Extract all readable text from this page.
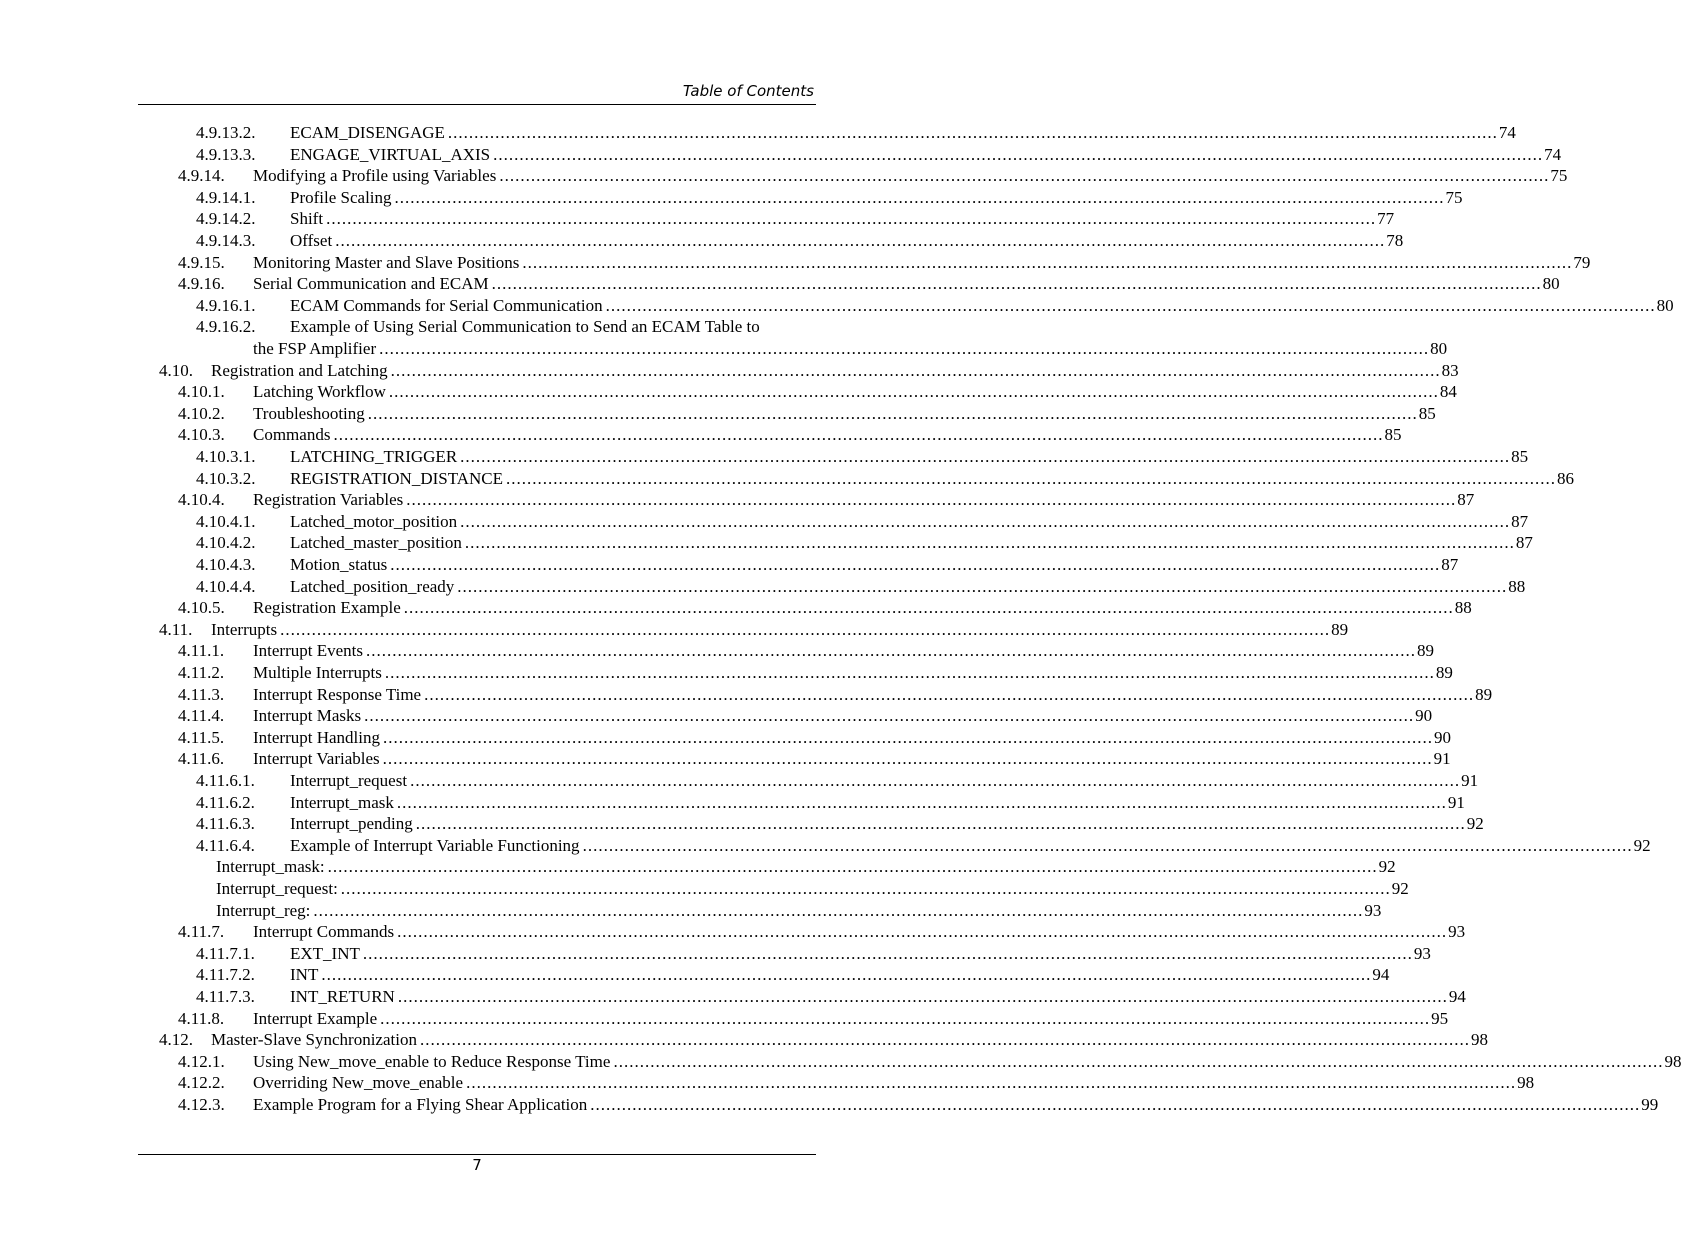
Table of Contents
4.9.13.2.	ECAM_DISENGAGE ........................................................................................................................................................................................................ 74
4.9.13.3.	ENGAGE_VIRTUAL_AXIS ........................................................................................................................................................................................................ 74
4.9.14.	Modifying a Profile using Variables ........................................................................................................................................................................................................ 75
4.9.14.1.	Profile Scaling ........................................................................................................................................................................................................ 75
4.9.14.2.	Shift ........................................................................................................................................................................................................ 77
4.9.14.3.	Offset ........................................................................................................................................................................................................ 78
4.9.15.	Monitoring Master and Slave Positions ........................................................................................................................................................................................................ 79
4.9.16.	Serial Communication and ECAM ........................................................................................................................................................................................................ 80
4.9.16.1.	ECAM Commands for Serial Communication ........................................................................................................................................................................................................ 80
4.9.16.2.	Example of Using Serial Communication to Send an ECAM Table to
the FSP Amplifier ........................................................................................................................................................................................................ 80
4.10.	Registration and Latching ........................................................................................................................................................................................................ 83
4.10.1.	Latching Workflow ........................................................................................................................................................................................................ 84
4.10.2.	Troubleshooting ........................................................................................................................................................................................................ 85
4.10.3.	Commands ........................................................................................................................................................................................................ 85
4.10.3.1.	LATCHING_TRIGGER ........................................................................................................................................................................................................ 85
4.10.3.2.	REGISTRATION_DISTANCE ........................................................................................................................................................................................................ 86
4.10.4.	Registration Variables ........................................................................................................................................................................................................ 87
4.10.4.1.	Latched_motor_position ........................................................................................................................................................................................................ 87
4.10.4.2.	Latched_master_position ........................................................................................................................................................................................................ 87
4.10.4.3.	Motion_status ........................................................................................................................................................................................................ 87
4.10.4.4.	Latched_position_ready ........................................................................................................................................................................................................ 88
4.10.5.	Registration Example ........................................................................................................................................................................................................ 88
4.11.	Interrupts ........................................................................................................................................................................................................ 89
4.11.1.	Interrupt Events ........................................................................................................................................................................................................ 89
4.11.2.	Multiple Interrupts ........................................................................................................................................................................................................ 89
4.11.3.	Interrupt Response Time ........................................................................................................................................................................................................ 89
4.11.4.	Interrupt Masks ........................................................................................................................................................................................................ 90
4.11.5.	Interrupt Handling ........................................................................................................................................................................................................ 90
4.11.6.	Interrupt Variables ........................................................................................................................................................................................................ 91
4.11.6.1.	Interrupt_request ........................................................................................................................................................................................................ 91
4.11.6.2.	Interrupt_mask ........................................................................................................................................................................................................ 91
4.11.6.3.	Interrupt_pending ........................................................................................................................................................................................................ 92
4.11.6.4.	Example of Interrupt Variable Functioning ........................................................................................................................................................................................................ 92
Interrupt_mask: ........................................................................................................................................................................................................ 92
Interrupt_request: ........................................................................................................................................................................................................ 92
Interrupt_reg: ........................................................................................................................................................................................................ 93
4.11.7.	Interrupt Commands ........................................................................................................................................................................................................ 93
4.11.7.1.	EXT_INT ........................................................................................................................................................................................................ 93
4.11.7.2.	INT ........................................................................................................................................................................................................ 94
4.11.7.3.	INT_RETURN ........................................................................................................................................................................................................ 94
4.11.8.	Interrupt Example ........................................................................................................................................................................................................ 95
4.12.	Master-Slave Synchronization ........................................................................................................................................................................................................ 98
4.12.1.	Using New_move_enable to Reduce Response Time ........................................................................................................................................................................................................ 98
4.12.2.	Overriding New_move_enable ........................................................................................................................................................................................................ 98
4.12.3.	Example Program for a Flying Shear Application ........................................................................................................................................................................................................ 99
7
